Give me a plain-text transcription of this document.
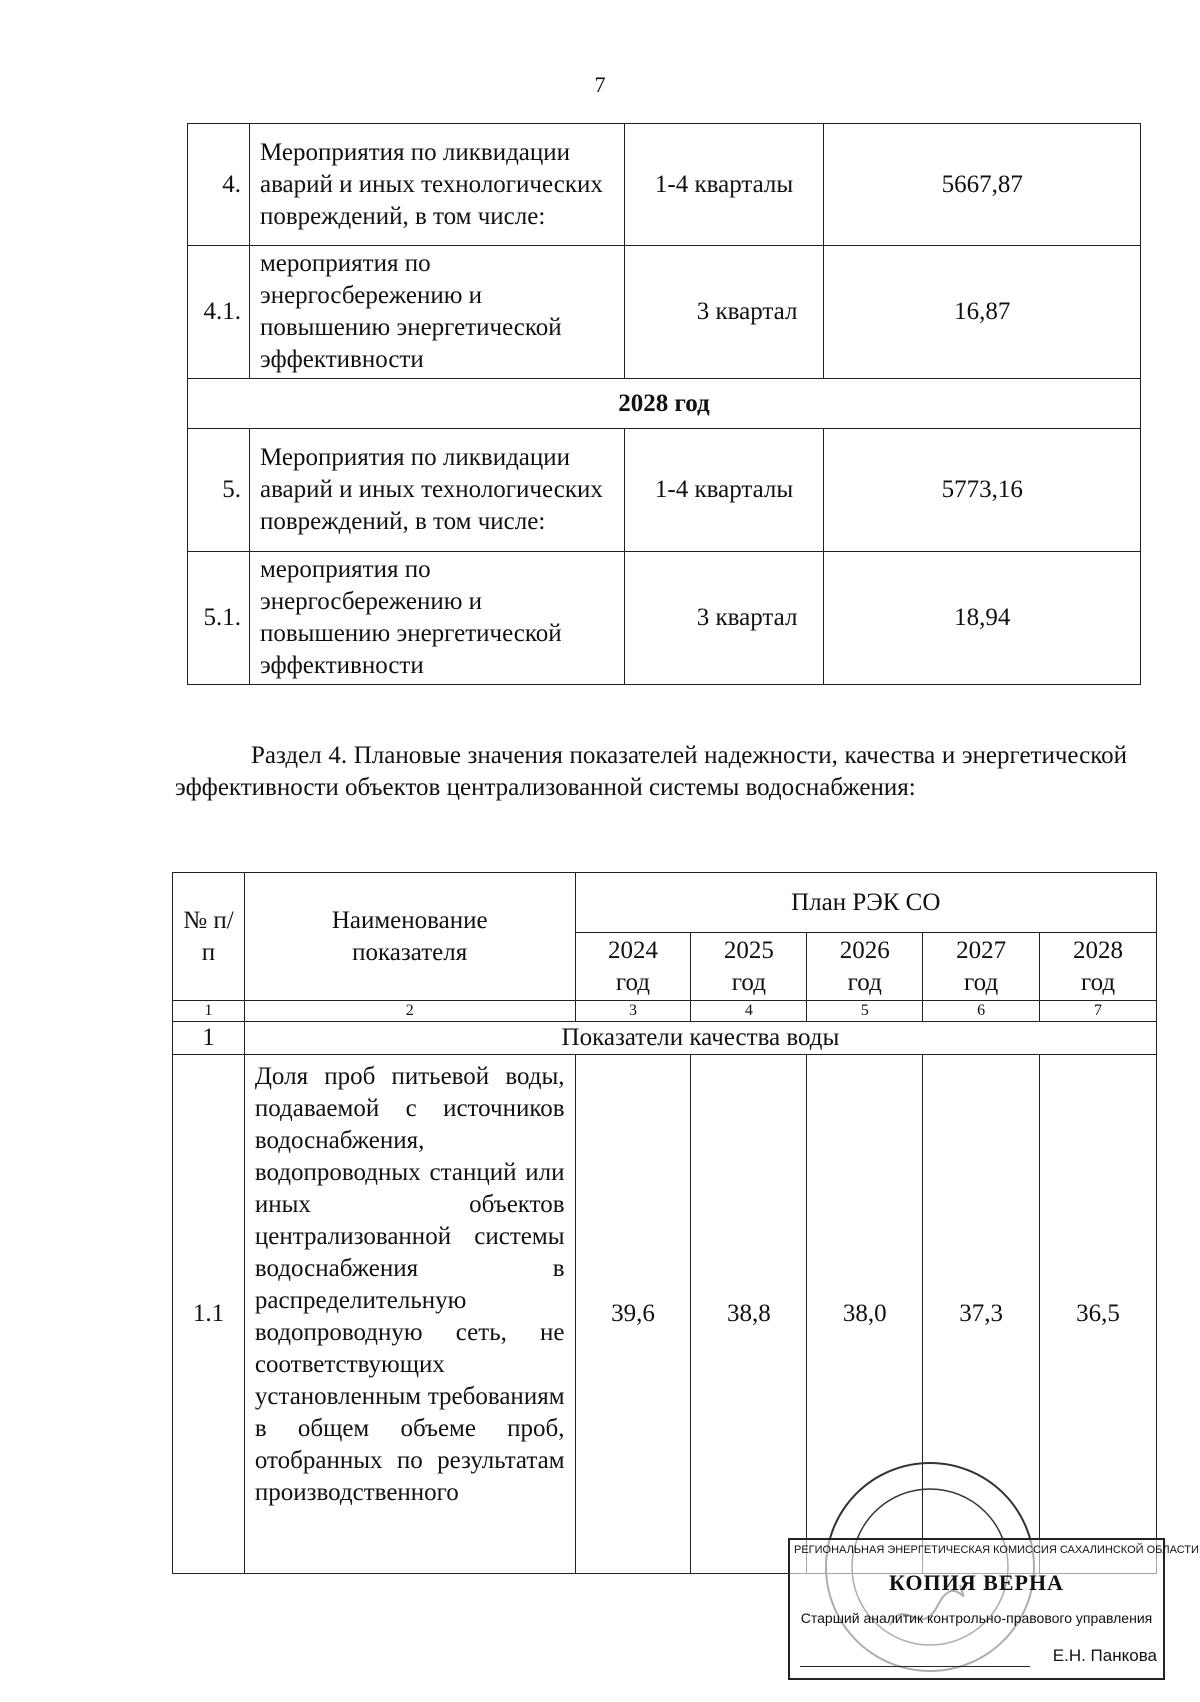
7
4.	Мероприятия по ликвидации аварий и иных технологических повреждений, в том числе:	1-4 кварталы	5667,87
4.1.	мероприятия по энергосбережению и повышению энергетической эффективности	3 квартал	16,87
2028 год			
5.	Мероприятия по ликвидации аварий и иных технологических повреждений, в том числе:	1-4 кварталы	5773,16
5.1.	мероприятия по энергосбережению и повышению энергетической эффективности	3 квартал	18,94
Раздел 4. Плановые значения показателей надежности, качества и энергетической эффективности объектов централизованной системы водоснабжения:
№ п/п	Наименование показателя	План РЭК СО				
		2024 год	2025 год	2026 год	2027 год	2028 год
1	2	3	4	5	6	7
1	Показатели качества воды					
1.1	Доля проб питьевой воды, подаваемой с источников водоснабжения, водопроводных станций или иных объектов централизованной системы водоснабжения в распределительную водопроводную сеть, не соответствующих установленным требованиям в общем объеме проб, отобранных по результатам производственного	39,6	38,8	38,0	37,3	36,5
РЕГИОНАЛЬНАЯ ЭНЕРГЕТИЧЕСКАЯ КОМИССИЯ САХАЛИНСКОЙ ОБЛАСТИ
КОПИЯ ВЕРНА
Старший аналитик контрольно-правового управления
Е.Н. Панкова
